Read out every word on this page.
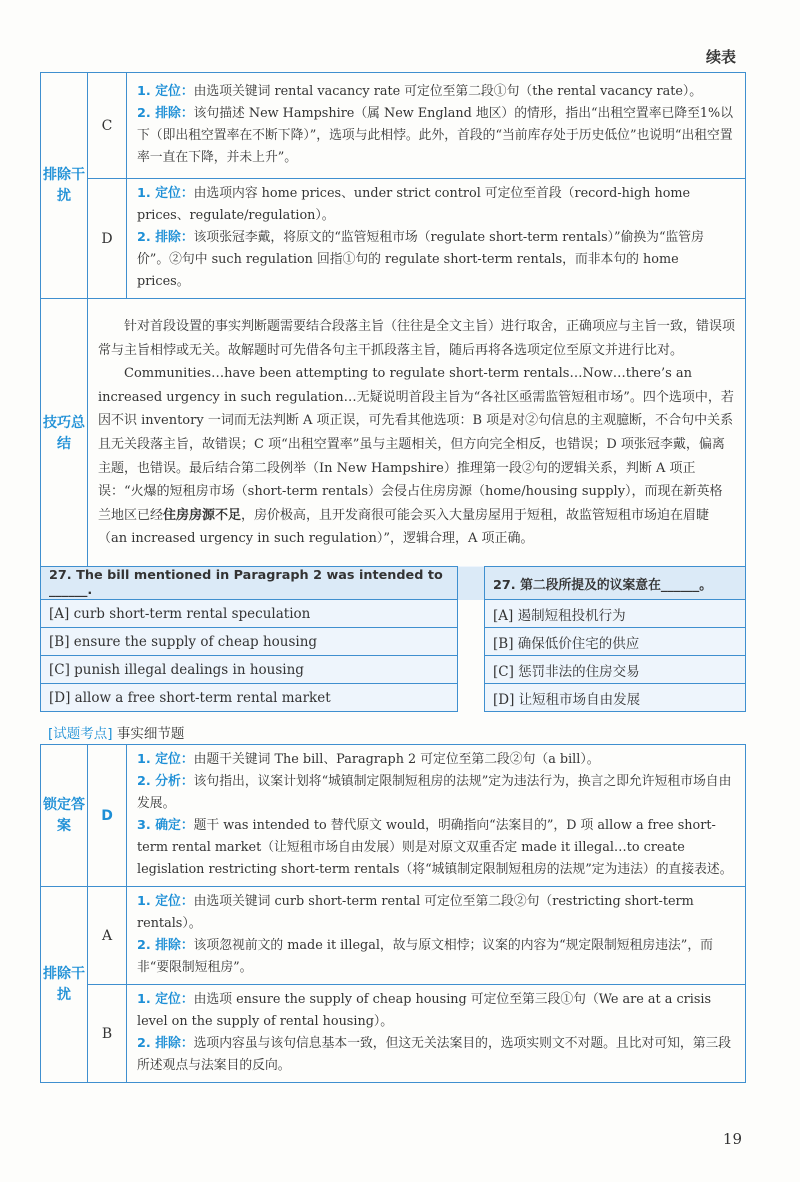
续表
排除干扰	C	1. 定位：由选项关键词 rental vacancy rate 可定位至第二段①句（the rental vacancy rate）。

2. 排除：该句描述 New Hampshire（属 New England 地区）的情形，指出“出租空置率已降至1%以下（即出租空置率在不断下降）”，选项与此相悖。此外，首段的“当前库存处于历史低位”也说明“出租空置率一直在下降，并未上升”。

	D	1. 定位：由选项内容 home prices、under strict control 可定位至首段（record-high home prices、regulate/regulation）。

2. 排除：该项张冠李戴，将原文的“监管短租市场（regulate short-term rentals）”偷换为“监管房价”。②句中 such regulation 回指①句的 regulate short-term rentals，而非本句的 home prices。

技巧总结	针对首段设置的事实判断题需要结合段落主旨（往往是全文主旨）进行取舍，正确项应与主旨一致，错误项常与主旨相悖或无关。故解题时可先借各句主干抓段落主旨，随后再将各选项定位至原文并进行比对。

Communities…have been attempting to regulate short-term rentals…Now…there’s an increased urgency in such regulation…无疑说明首段主旨为“各社区亟需监管短租市场”。四个选项中，若因不识 inventory 一词而无法判断 A 项正误，可先看其他选项：B 项是对②句信息的主观臆断，不合句中关系且无关段落主旨，故错误；C 项“出租空置率”虽与主题相关，但方向完全相反，也错误；D 项张冠李戴，偏离主题，也错误。最后结合第二段例举（In New Hampshire）推理第一段②句的逻辑关系，判断 A 项正误：“火爆的短租房市场（short-term rentals）会侵占住房房源（home/housing supply），而现在新英格兰地区已经住房房源不足，房价极高，且开发商很可能会买入大量房屋用于短租，故监管短租市场迫在眉睫（an increased urgency in such regulation）”，逻辑合理，A 项正确。	

27. The bill mentioned in Paragraph 2 was intended to ______.		27. 第二段所提及的议案意在______。
[A] curb short-term rental speculation		[A] 遏制短租投机行为
[B] ensure the supply of cheap housing		[B] 确保低价住宅的供应
[C] punish illegal dealings in housing		[C] 惩罚非法的住房交易
[D] allow a free short-term rental market		[D] 让短租市场自由发展
[试题考点] 事实细节题
锁定答案	D	1. 定位：由题干关键词 The bill、Paragraph 2 可定位至第二段②句（a bill）。

2. 分析：该句指出，议案计划将“城镇制定限制短租房的法规”定为违法行为，换言之即允许短租市场自由发展。

3. 确定：题干 was intended to 替代原文 would，明确指向“法案目的”，D 项 allow a free short-term rental market（让短租市场自由发展）则是对原文双重否定 made it illegal…to create legislation restricting short-term rentals（将“城镇制定限制短租房的法规”定为违法）的直接表述。

排除干扰	A	1. 定位：由选项关键词 curb short-term rental 可定位至第二段②句（restricting short-term rentals）。

2. 排除：该项忽视前文的 made it illegal，故与原文相悖；议案的内容为“规定限制短租房违法”，而非“要限制短租房”。

	B	1. 定位：由选项 ensure the supply of cheap housing 可定位至第三段①句（We are at a crisis level on the supply of rental housing）。

2. 排除：选项内容虽与该句信息基本一致，但这无关法案目的，选项实则文不对题。且比对可知，第三段所述观点与法案目的反向。

19
